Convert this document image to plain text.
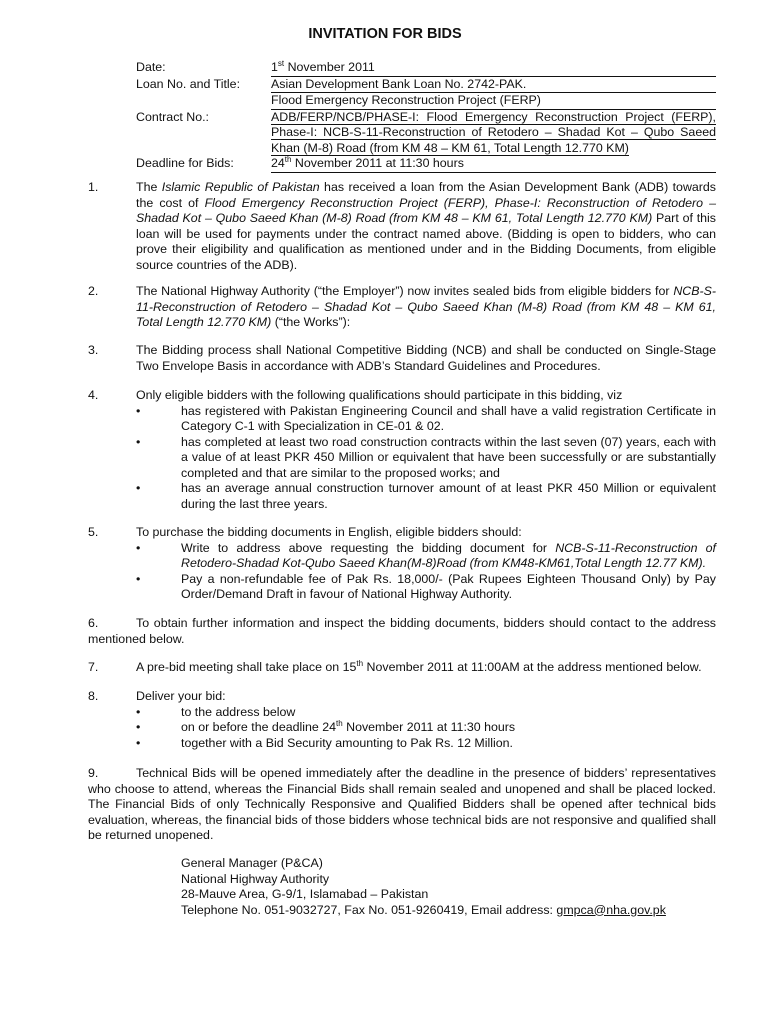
INVITATION FOR BIDS
Date:	1st November 2011
Loan No. and Title:	Asian Development Bank Loan No. 2742-PAK.
Flood Emergency Reconstruction Project (FERP)
Contract No.:	ADB/FERP/NCB/PHASE-I: Flood Emergency Reconstruction Project (FERP), Phase-I: NCB-S-11-Reconstruction of Retodero – Shadad Kot – Qubo Saeed Khan (M-8) Road (from KM 48 – KM 61, Total Length 12.770 KM)
Deadline for Bids:	24th November 2011 at 11:30 hours
1.	The Islamic Republic of Pakistan has received a loan from the Asian Development Bank (ADB) towards the cost of Flood Emergency Reconstruction Project (FERP), Phase-I: Reconstruction of Retodero – Shadad Kot – Qubo Saeed Khan (M-8) Road (from KM 48 – KM 61, Total Length 12.770 KM) Part of this loan will be used for payments under the contract named above. (Bidding is open to bidders, who can prove their eligibility and qualification as mentioned under and in the Bidding Documents, from eligible source countries of the ADB).
2.	The National Highway Authority (“the Employer”) now invites sealed bids from eligible bidders for NCB-S-11-Reconstruction of Retodero – Shadad Kot – Qubo Saeed Khan (M-8) Road (from KM 48 – KM 61, Total Length 12.770 KM) (“the Works”):
3.	The Bidding process shall National Competitive Bidding (NCB) and shall be conducted on Single-Stage Two Envelope Basis in accordance with ADB’s Standard Guidelines and Procedures.
4.	Only eligible bidders with the following qualifications should participate in this bidding, viz
•	has registered with Pakistan Engineering Council and shall have a valid registration Certificate in Category C-1 with Specialization in CE-01 & 02.
•	has completed at least two road construction contracts within the last seven (07) years, each with a value of at least PKR 450 Million or equivalent that have been successfully or are substantially completed and that are similar to the proposed works; and
•	has an average annual construction turnover amount of at least PKR 450 Million or equivalent during the last three years.
5.	To purchase the bidding documents in English, eligible bidders should:
•	Write to address above requesting the bidding document for NCB-S-11-Reconstruction of Retodero-Shadad Kot-Qubo Saeed Khan(M-8)Road (from KM48-KM61,Total Length 12.77 KM).
•	Pay a non-refundable fee of Pak Rs. 18,000/- (Pak Rupees Eighteen Thousand Only) by Pay Order/Demand Draft in favour of National Highway Authority.
6.	To obtain further information and inspect the bidding documents, bidders should contact to the address mentioned below.
7.	A pre-bid meeting shall take place on 15th November 2011 at 11:00AM at the address mentioned below.
8.	Deliver your bid:
•	to the address below
•	on or before the deadline 24th November 2011 at 11:30 hours
•	together with a Bid Security amounting to Pak Rs. 12 Million.
9.	Technical Bids will be opened immediately after the deadline in the presence of bidders’ representatives who choose to attend, whereas the Financial Bids shall remain sealed and unopened and shall be placed locked. The Financial Bids of only Technically Responsive and Qualified Bidders shall be opened after technical bids evaluation, whereas, the financial bids of those bidders whose technical bids are not responsive and qualified shall be returned unopened.
General Manager (P&CA)
National Highway Authority
28-Mauve Area, G-9/1, Islamabad – Pakistan
Telephone No. 051-9032727, Fax No. 051-9260419, Email address: gmpca@nha.gov.pk
